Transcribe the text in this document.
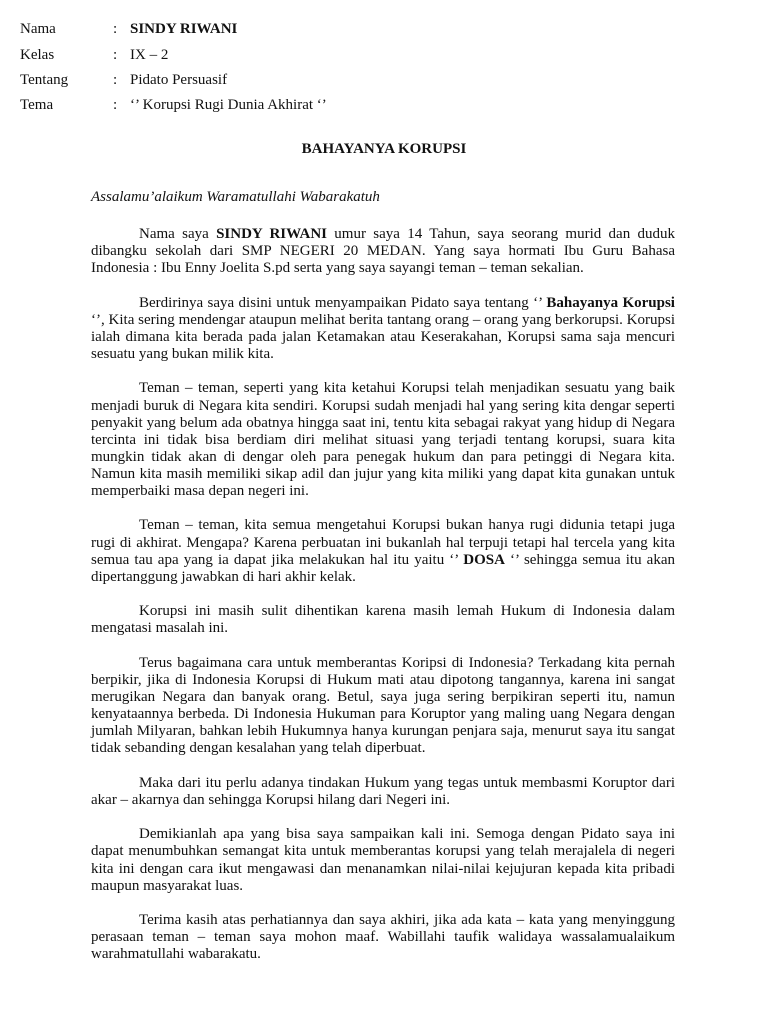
Nama	: SINDY RIWANI
Kelas	: IX – 2
Tentang	: Pidato Persuasif
Tema	: ‘’ Korupsi Rugi Dunia Akhirat ‘’
BAHAYANYA KORUPSI
Assalamu’alaikum Waramatullahi Wabarakatuh

Nama saya SINDY RIWANI umur saya 14 Tahun, saya seorang murid dan duduk dibangku sekolah dari SMP NEGERI 20 MEDAN. Yang saya hormati Ibu Guru Bahasa Indonesia : Ibu Enny Joelita S.pd serta yang saya sayangi teman – teman sekalian.

Berdirinya saya disini untuk menyampaikan Pidato saya tentang ‘’ Bahayanya Korupsi ‘’, Kita sering mendengar ataupun melihat berita tantang orang – orang yang berkorupsi. Korupsi ialah dimana kita berada pada jalan Ketamakan atau Keserakahan, Korupsi sama saja mencuri sesuatu yang bukan milik kita.

Teman – teman, seperti yang kita ketahui Korupsi telah menjadikan sesuatu yang baik menjadi buruk di Negara kita sendiri. Korupsi sudah menjadi hal yang sering kita dengar seperti penyakit yang belum ada obatnya hingga saat ini, tentu kita sebagai rakyat yang hidup di Negara tercinta ini tidak bisa berdiam diri melihat situasi yang terjadi tentang korupsi, suara kita mungkin tidak akan di dengar oleh para penegak hukum dan para petinggi di Negara kita. Namun kita masih memiliki sikap adil dan jujur yang kita miliki yang dapat kita gunakan untuk memperbaiki masa depan negeri ini.

Teman – teman, kita semua mengetahui Korupsi bukan hanya rugi didunia tetapi juga rugi di akhirat. Mengapa? Karena perbuatan ini bukanlah hal terpuji tetapi hal tercela yang kita semua tau apa yang ia dapat jika melakukan hal itu yaitu ‘’ DOSA ‘’ sehingga semua itu akan dipertanggung jawabkan di hari akhir kelak.

Korupsi ini masih sulit dihentikan karena masih lemah Hukum di Indonesia dalam mengatasi masalah ini.

Terus bagaimana cara untuk memberantas Koripsi di Indonesia? Terkadang kita pernah berpikir, jika di Indonesia Korupsi di Hukum mati atau dipotong tangannya, karena ini sangat merugikan Negara dan banyak orang. Betul, saya juga sering berpikiran seperti itu, namun kenyataannya berbeda. Di Indonesia Hukuman para Koruptor yang maling uang Negara dengan jumlah Milyaran, bahkan lebih Hukumnya hanya kurungan penjara saja, menurut saya itu sangat tidak sebanding dengan kesalahan yang telah diperbuat.

Maka dari itu perlu adanya tindakan Hukum yang tegas untuk membasmi Koruptor dari akar – akarnya dan sehingga Korupsi hilang dari Negeri ini.

Demikianlah apa yang bisa saya sampaikan kali ini. Semoga dengan Pidato saya ini dapat menumbuhkan semangat kita untuk memberantas korupsi yang telah merajalela di negeri kita ini dengan cara ikut mengawasi dan menanamkan nilai-nilai kejujuran kepada kita pribadi maupun masyarakat luas.

Terima kasih atas perhatiannya dan saya akhiri, jika ada kata – kata yang menyinggung perasaan teman – teman saya mohon maaf. Wabillahi taufik walidaya wassalamualaikum warahmatullahi wabarakatu.
